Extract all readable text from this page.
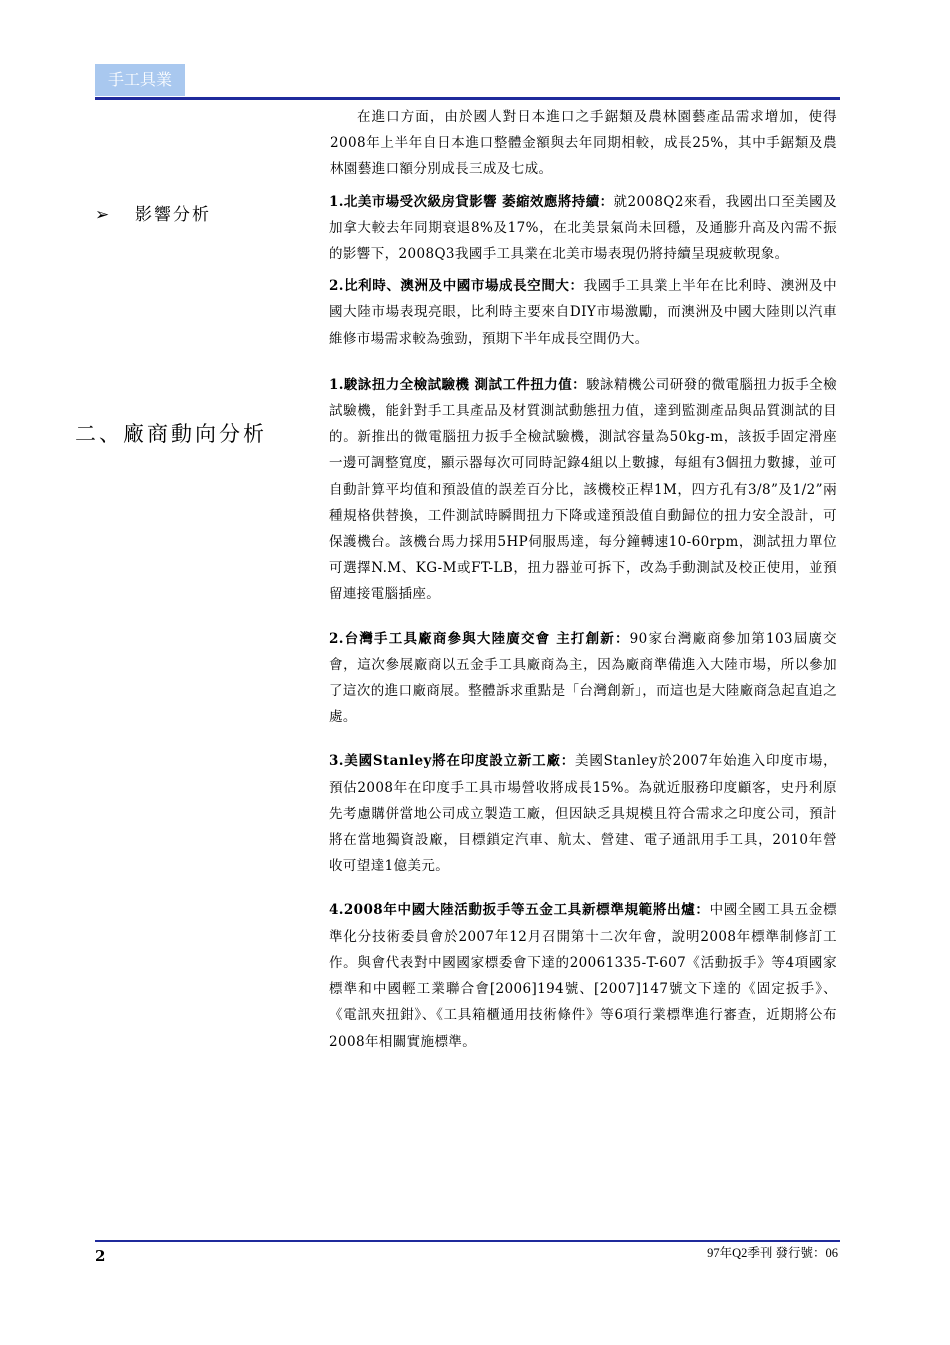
手工具業
➢ 影響分析
二、廠商動向分析

在進口方面，由於國人對日本進口之手鋸類及農林園藝產品需求增加，使得2008年上半年自日本進口整體金額與去年同期相較，成長25%，其中手鋸類及農林園藝進口額分別成長三成及七成。

1.北美市場受次級房貸影響 萎縮效應將持續：就2008Q2來看，我國出口至美國及加拿大較去年同期衰退8%及17%，在北美景氣尚未回穩，及通膨升高及內需不振的影響下，2008Q3我國手工具業在北美市場表現仍將持續呈現疲軟現象。

2.比利時、澳洲及中國市場成長空間大：我國手工具業上半年在比利時、澳洲及中國大陸市場表現亮眼，比利時主要來自DIY市場激勵，而澳洲及中國大陸則以汽車維修市場需求較為強勁，預期下半年成長空間仍大。

1.駿詠扭力全檢試驗機 測試工件扭力值：駿詠精機公司研發的微電腦扭力扳手全檢試驗機，能針對手工具產品及材質測試動態扭力值，達到監測產品與品質測試的目的。新推出的微電腦扭力扳手全檢試驗機，測試容量為50kg-m，該扳手固定滑座一邊可調整寬度，顯示器每次可同時記錄4組以上數據，每組有3個扭力數據，並可自動計算平均值和預設值的誤差百分比，該機校正桿1M，四方孔有3/8”及1/2”兩種規格供替換，工件測試時瞬間扭力下降或達預設值自動歸位的扭力安全設計，可保護機台。該機台馬力採用5HP伺服馬達，每分鐘轉速10-60rpm，測試扭力單位可選擇N.M、KG-M或FT-LB，扭力器並可拆下，改為手動測試及校正使用，並預留連接電腦插座。

2.台灣手工具廠商參與大陸廣交會 主打創新：90家台灣廠商參加第103屆廣交會，這次參展廠商以五金手工具廠商為主，因為廠商準備進入大陸市場，所以參加了這次的進口廠商展。整體訴求重點是「台灣創新」，而這也是大陸廠商急起直追之處。

3.美國Stanley將在印度設立新工廠：美國Stanley於2007年始進入印度市場，預估2008年在印度手工具市場營收將成長15%。為就近服務印度顧客，史丹利原先考慮購併當地公司成立製造工廠，但因缺乏具規模且符合需求之印度公司，預計將在當地獨資設廠，目標鎖定汽車、航太、營建、電子通訊用手工具，2010年營收可望達1億美元。

4.2008年中國大陸活動扳手等五金工具新標準規範將出爐：中國全國工具五金標準化分技術委員會於2007年12月召開第十二次年會，說明2008年標準制修訂工作。與會代表對中國國家標委會下達的20061335-T-607《活動扳手》等4項國家標準和中國輕工業聯合會[2006]194號、[2007]147號文下達的《固定扳手》、《電訊夾扭鉗》、《工具箱櫃通用技術條件》等6項行業標準進行審查，近期將公布2008年相關實施標準。

2	97年Q2季刊 發行號：06
